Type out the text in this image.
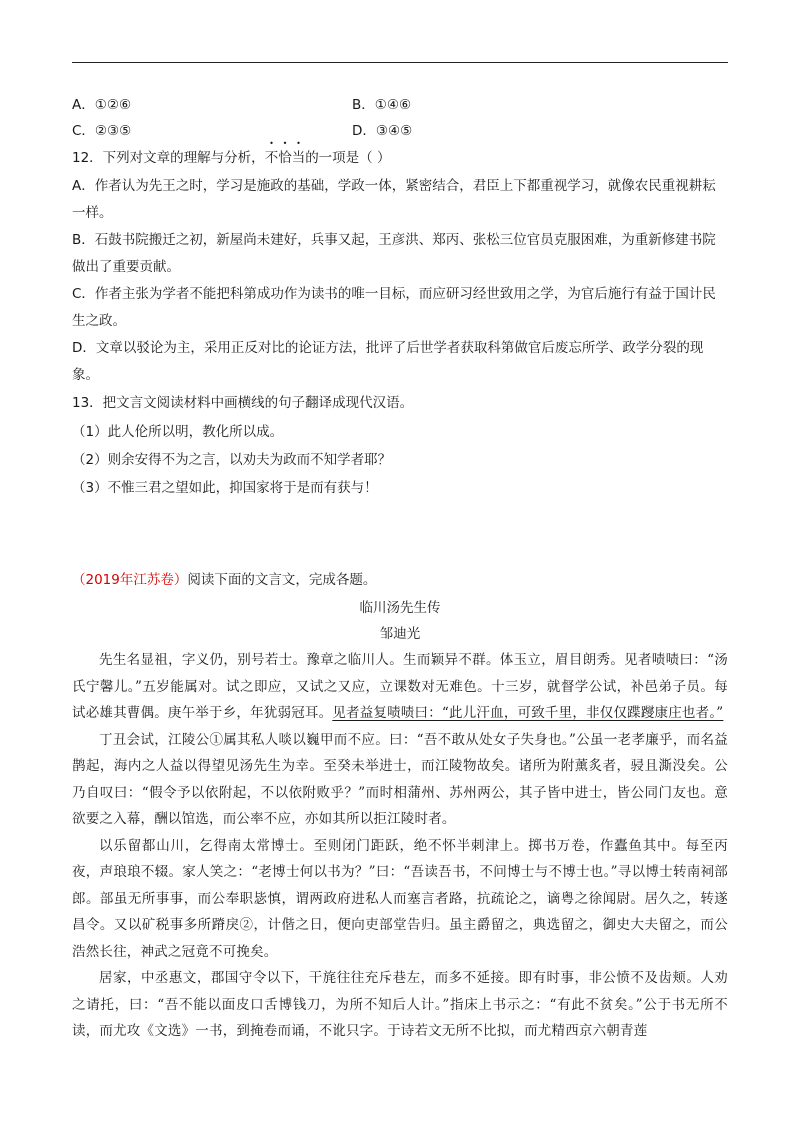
A．①②⑥	B．①④⑥
C．②③⑤	D．③④⑤
12．下列对文章的理解与分析，不恰当的一项是（ ）

A．作者认为先王之时，学习是施政的基础，学政一体，紧密结合，君臣上下都重视学习，就像农民重视耕耘一样。

B．石鼓书院搬迁之初，新屋尚未建好，兵事又起，王彦洪、郑丙、张松三位官员克服困难，为重新修建书院做出了重要贡献。

C．作者主张为学者不能把科第成功作为读书的唯一目标，而应研习经世致用之学，为官后施行有益于国计民生之政。

D．文章以驳论为主，采用正反对比的论证方法，批评了后世学者获取科第做官后废忘所学、政学分裂的现象。

13．把文言文阅读材料中画横线的句子翻译成现代汉语。
（1）此人伦所以明，教化所以成。
（2）则余安得不为之言，以劝夫为政而不知学者耶？
（3）不惟三君之望如此，抑国家将于是而有获与！
（2019年江苏卷）阅读下面的文言文，完成各题。
临川汤先生传
邹迪光

先生名显祖，字义仍，别号若士。豫章之临川人。生而颖异不群。体玉立，眉目朗秀。见者啧啧曰：“汤氏宁馨儿。”五岁能属对。试之即应，又试之又应，立课数对无难色。十三岁，就督学公试，补邑弟子员。每试必雄其曹偶。庚午举于乡，年犹弱冠耳。见者益复啧啧曰：“此儿汗血，可致千里，非仅仅蹀躞康庄也者。”

丁丑会试，江陵公①属其私人啖以巍甲而不应。曰：“吾不敢从处女子失身也。”公虽一老孝廉乎，而名益鹊起，海内之人益以得望见汤先生为幸。至癸未举进士，而江陵物故矣。诸所为附薰炙者，骎且澌没矣。公乃自叹曰：“假令予以依附起，不以依附败乎？”而时相蒲州、苏州两公，其子皆中进士，皆公同门友也。意欲要之入幕，酬以馆选，而公率不应，亦如其所以拒江陵时者。

以乐留都山川，乞得南太常博士。至则闭门距跃，绝不怀半刺津上。掷书万卷，作蠹鱼其中。每至丙夜，声琅琅不辍。家人笑之：“老博士何以书为？”曰：“吾读吾书，不问博士与不博士也。”寻以博士转南祠部郎。部虽无所事事，而公奉职毖慎，谓两政府进私人而塞言者路，抗疏论之，谪粤之徐闻尉。居久之，转遂昌令。又以矿税事多所蹐戾②，计偕之日，便向吏部堂告归。虽主爵留之，典选留之，御史大夫留之，而公浩然长往，神武之冠竟不可挽矣。

居家，中丞惠文，郡国守令以下，干旄往往充斥巷左，而多不延接。即有时事，非公愤不及齿颊。人劝之请托，曰：“吾不能以面皮口舌博钱刀，为所不知后人计。”指床上书示之：“有此不贫矣。”公于书无所不读，而尤攻《文选》一书，到掩卷而诵，不讹只字。于诗若文无所不比拟，而尤精西京六朝青莲
